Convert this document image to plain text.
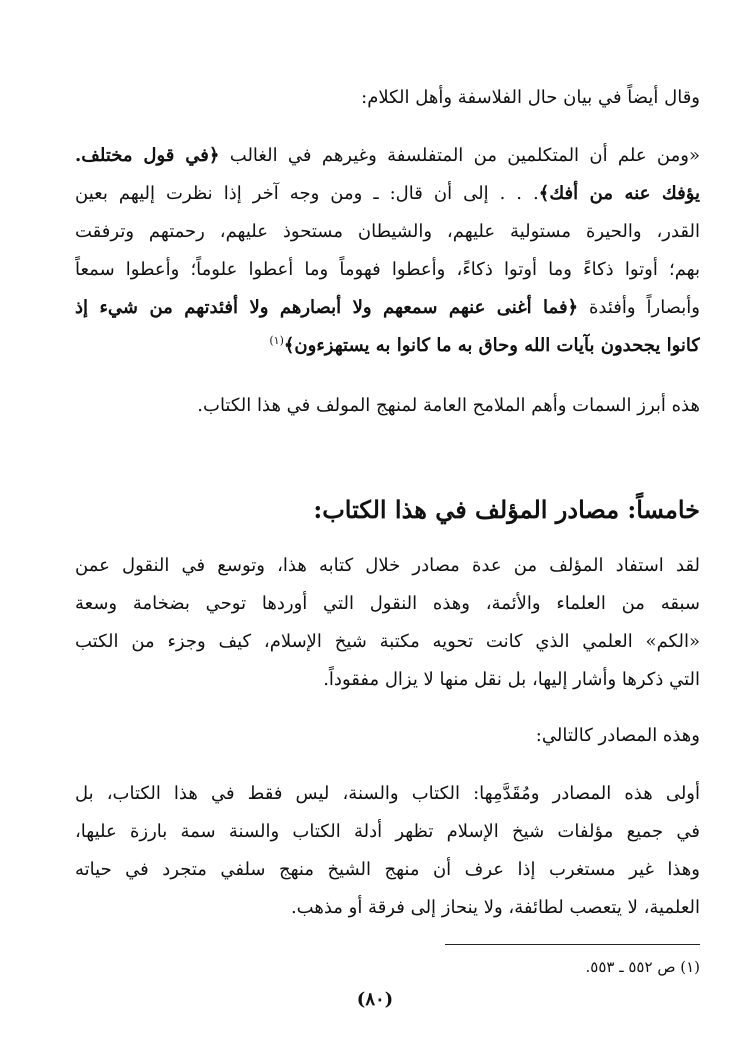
وقال أيضاً في بيان حال الفلاسفة وأهل الكلام:
«ومن علم أن المتكلمين من المتفلسفة وغيرهم في الغالب ﴿في قول مختلف.
يؤفك عنه من أفك﴾. . . إلى أن قال: ـ ومن وجه آخر إذا نظرت إليهم بعين
القدر، والحيرة مستولية عليهم، والشيطان مستحوذ عليهم، رحمتهم وترفقت
بهم؛ أوتوا ذكاءً وما أوتوا ذكاءً، وأعطوا فهوماً وما أعطوا علوماً؛ وأعطوا سمعاً
وأبصاراً وأفئدة ﴿فما أغنى عنهم سمعهم ولا أبصارهم ولا أفئدتهم من شيء إذ
كانوا يجحدون بآيات الله وحاق به ما كانوا به يستهزءون﴾$^{(١)}$
هذه أبرز السمات وأهم الملامح العامة لمنهج المولف في هذا الكتاب.
خامساً: مصادر المؤلف في هذا الكتاب:
لقد استفاد المؤلف من عدة مصادر خلال كتابه هذا، وتوسع في النقول عمن
سبقه من العلماء والأئمة، وهذه النقول التي أوردها توحي بضخامة وسعة
«الكم» العلمي الذي كانت تحويه مكتبة شيخ الإسلام، كيف وجزء من الكتب
التي ذكرها وأشار إليها، بل نقل منها لا يزال مفقوداً.
وهذه المصادر كالتالي:
أولى هذه المصادر ومُقَدَّمِها: الكتاب والسنة، ليس فقط في هذا الكتاب، بل
في جميع مؤلفات شيخ الإسلام تظهر أدلة الكتاب والسنة سمة بارزة عليها،
وهذا غير مستغرب إذا عرف أن منهج الشيخ منهج سلفي متجرد في حياته
العلمية، لا يتعصب لطائفة، ولا ينحاز إلى فرقة أو مذهب.
(١) ص ٥٥٢ ـ ٥٥٣.
(٨٠)
